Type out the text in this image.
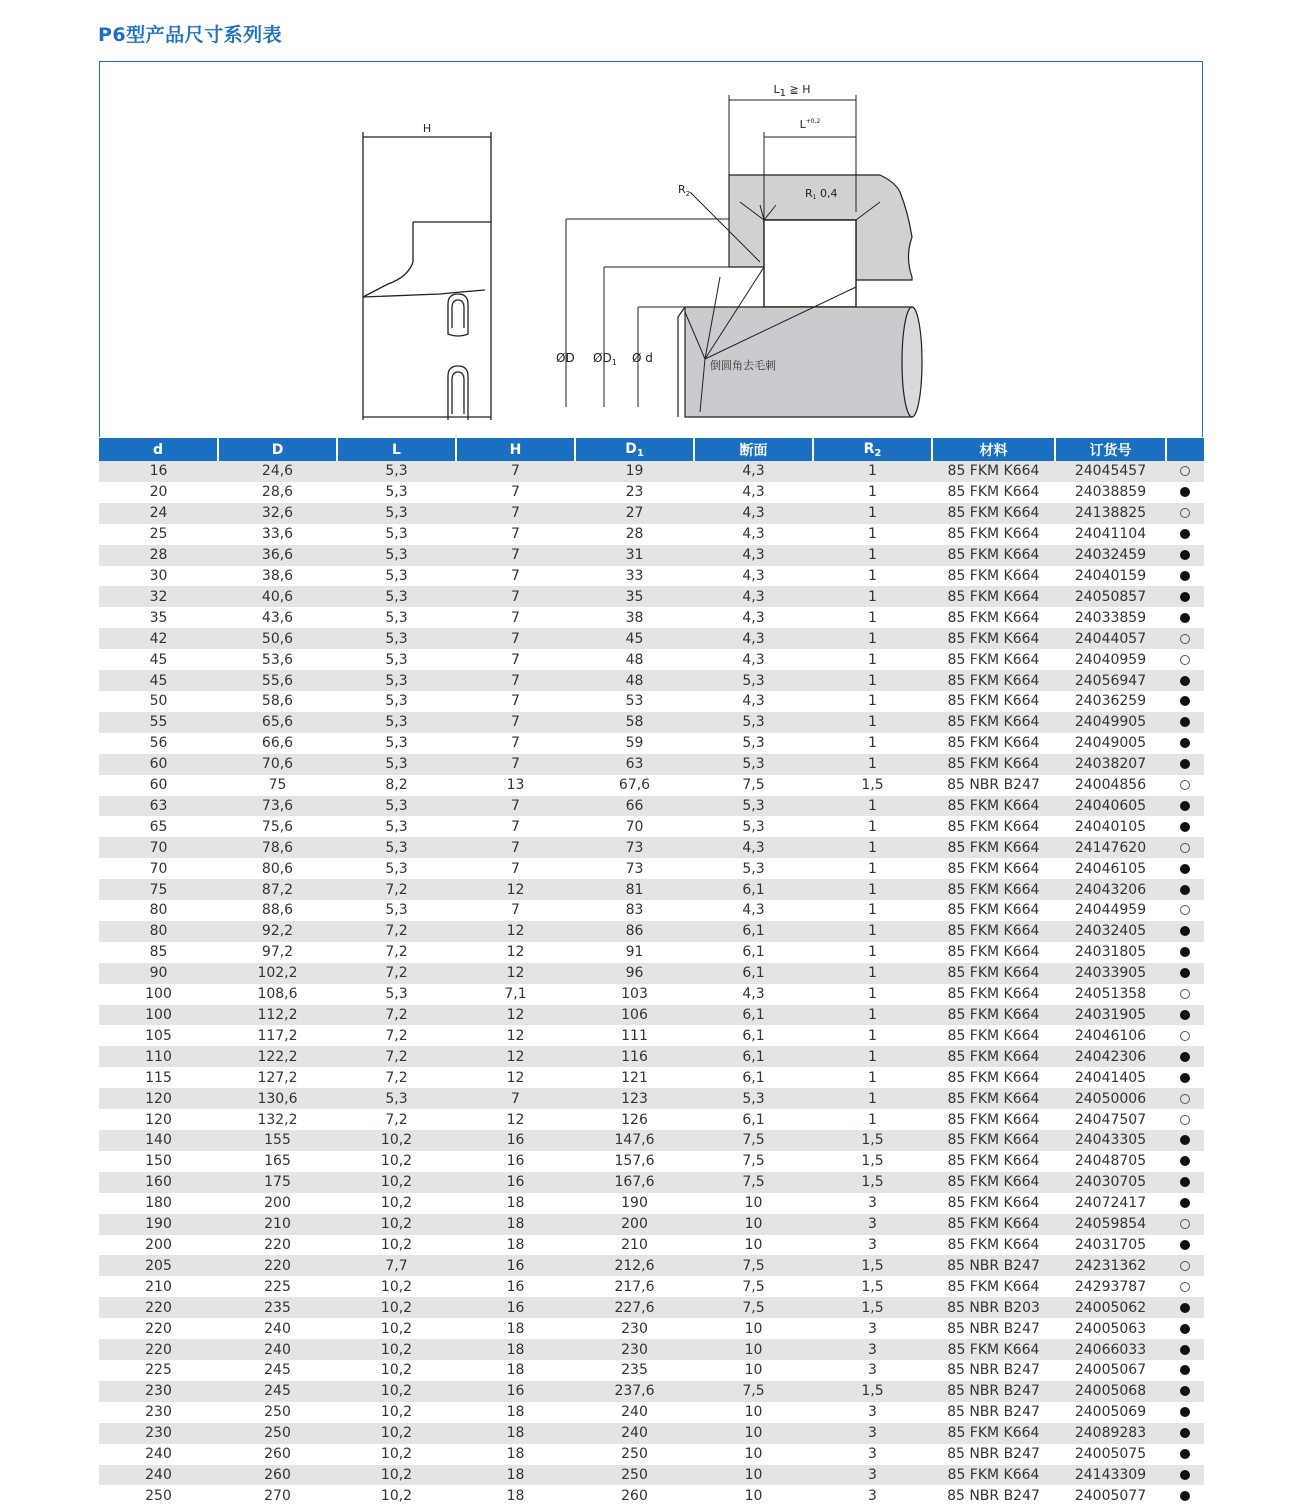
P6型产品尺寸系列表
H
L1 ≧ H
$L^{+0,2}$
$R_2$	R1 0,4
ØD $ØD_1$ Ø d
倒圆角去毛刺
d	D	L	H	$D_1$	断面	$R_2$	材料	订货号	
16	24,6	5,3	7	19	4,3	1	85 FKM K664	24045457	
20	28,6	5,3	7	23	4,3	1	85 FKM K664	24038859	
24	32,6	5,3	7	27	4,3	1	85 FKM K664	24138825	
25	33,6	5,3	7	28	4,3	1	85 FKM K664	24041104	
28	36,6	5,3	7	31	4,3	1	85 FKM K664	24032459	
30	38,6	5,3	7	33	4,3	1	85 FKM K664	24040159	
32	40,6	5,3	7	35	4,3	1	85 FKM K664	24050857	
35	43,6	5,3	7	38	4,3	1	85 FKM K664	24033859	
42	50,6	5,3	7	45	4,3	1	85 FKM K664	24044057	
45	53,6	5,3	7	48	4,3	1	85 FKM K664	24040959	
45	55,6	5,3	7	48	5,3	1	85 FKM K664	24056947	
50	58,6	5,3	7	53	4,3	1	85 FKM K664	24036259	
55	65,6	5,3	7	58	5,3	1	85 FKM K664	24049905	
56	66,6	5,3	7	59	5,3	1	85 FKM K664	24049005	
60	70,6	5,3	7	63	5,3	1	85 FKM K664	24038207	
60	75	8,2	13	67,6	7,5	1,5	85 NBR B247	24004856	
63	73,6	5,3	7	66	5,3	1	85 FKM K664	24040605	
65	75,6	5,3	7	70	5,3	1	85 FKM K664	24040105	
70	78,6	5,3	7	73	4,3	1	85 FKM K664	24147620	
70	80,6	5,3	7	73	5,3	1	85 FKM K664	24046105	
75	87,2	7,2	12	81	6,1	1	85 FKM K664	24043206	
80	88,6	5,3	7	83	4,3	1	85 FKM K664	24044959	
80	92,2	7,2	12	86	6,1	1	85 FKM K664	24032405	
85	97,2	7,2	12	91	6,1	1	85 FKM K664	24031805	
90	102,2	7,2	12	96	6,1	1	85 FKM K664	24033905	
100	108,6	5,3	7,1	103	4,3	1	85 FKM K664	24051358	
100	112,2	7,2	12	106	6,1	1	85 FKM K664	24031905	
105	117,2	7,2	12	111	6,1	1	85 FKM K664	24046106	
110	122,2	7,2	12	116	6,1	1	85 FKM K664	24042306	
115	127,2	7,2	12	121	6,1	1	85 FKM K664	24041405	
120	130,6	5,3	7	123	5,3	1	85 FKM K664	24050006	
120	132,2	7,2	12	126	6,1	1	85 FKM K664	24047507	
140	155	10,2	16	147,6	7,5	1,5	85 FKM K664	24043305	
150	165	10,2	16	157,6	7,5	1,5	85 FKM K664	24048705	
160	175	10,2	16	167,6	7,5	1,5	85 FKM K664	24030705	
180	200	10,2	18	190	10	3	85 FKM K664	24072417	
190	210	10,2	18	200	10	3	85 FKM K664	24059854	
200	220	10,2	18	210	10	3	85 FKM K664	24031705	
205	220	7,7	16	212,6	7,5	1,5	85 NBR B247	24231362	
210	225	10,2	16	217,6	7,5	1,5	85 FKM K664	24293787	
220	235	10,2	16	227,6	7,5	1,5	85 NBR B203	24005062	
220	240	10,2	18	230	10	3	85 NBR B247	24005063	
220	240	10,2	18	230	10	3	85 FKM K664	24066033	
225	245	10,2	18	235	10	3	85 NBR B247	24005067	
230	245	10,2	16	237,6	7,5	1,5	85 NBR B247	24005068	
230	250	10,2	18	240	10	3	85 NBR B247	24005069	
230	250	10,2	18	240	10	3	85 FKM K664	24089283	
240	260	10,2	18	250	10	3	85 NBR B247	24005075	
240	260	10,2	18	250	10	3	85 FKM K664	24143309	
250	270	10,2	18	260	10	3	85 NBR B247	24005077	
